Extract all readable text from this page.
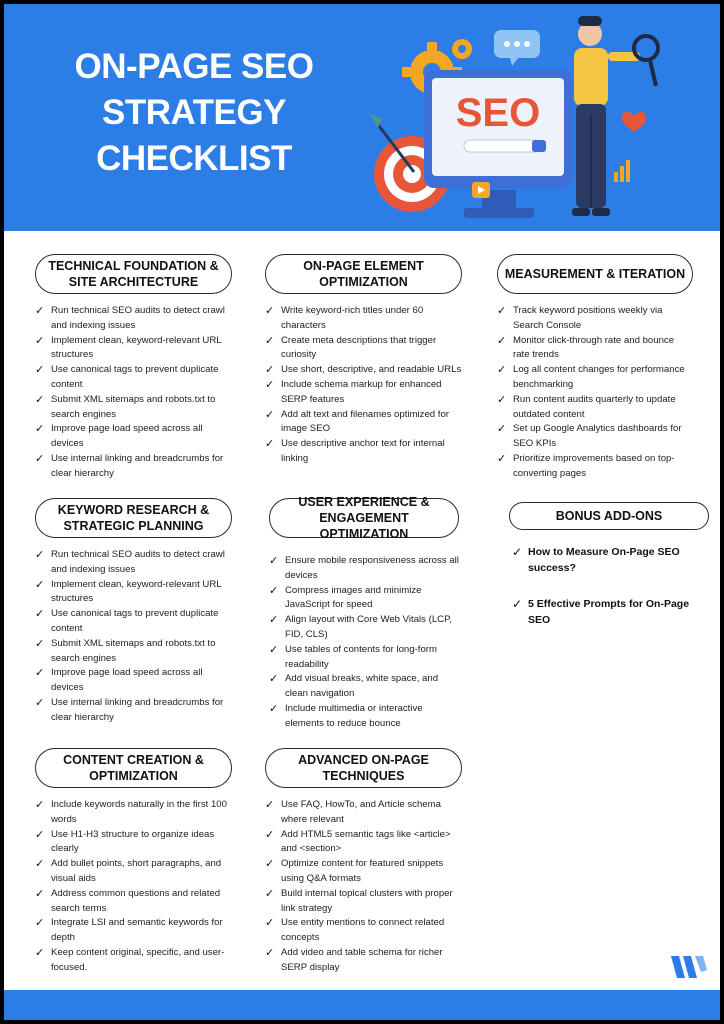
ON-PAGE SEO
STRATEGY
CHECKLIST
SEO
TECHNICAL FOUNDATION & SITE ARCHITECTURE
✓ Run technical SEO audits to detect crawl and indexing issues
✓ Implement clean, keyword-relevant URL structures
✓ Use canonical tags to prevent duplicate content
✓ Submit XML sitemaps and robots.txt to search engines
✓ Improve page load speed across all devices
✓ Use internal linking and breadcrumbs for clear hierarchy
ON-PAGE ELEMENT OPTIMIZATION
✓ Write keyword-rich titles under 60 characters
✓ Create meta descriptions that trigger curiosity
✓ Use short, descriptive, and readable URLs
✓ Include schema markup for enhanced SERP features
✓ Add alt text and filenames optimized for image SEO
✓ Use descriptive anchor text for internal linking
MEASUREMENT & ITERATION
✓ Track keyword positions weekly via Search Console
✓ Monitor click-through rate and bounce rate trends
✓ Log all content changes for performance benchmarking
✓ Run content audits quarterly to update outdated content
✓ Set up Google Analytics dashboards for SEO KPIs
✓ Prioritize improvements based on top-converting pages
KEYWORD RESEARCH & STRATEGIC PLANNING
✓ Run technical SEO audits to detect crawl and indexing issues
✓ Implement clean, keyword-relevant URL structures
✓ Use canonical tags to prevent duplicate content
✓ Submit XML sitemaps and robots.txt to search engines
✓ Improve page load speed across all devices
✓ Use internal linking and breadcrumbs for clear hierarchy
USER EXPERIENCE & ENGAGEMENT OPTIMIZATION
✓ Ensure mobile responsiveness across all devices
✓ Compress images and minimize JavaScript for speed
✓ Align layout with Core Web Vitals (LCP, FID, CLS)
✓ Use tables of contents for long-form readability
✓ Add visual breaks, white space, and clean navigation
✓ Include multimedia or interactive elements to reduce bounce
BONUS ADD-ONS
✓ How to Measure On-Page SEO success?
✓ 5 Effective Prompts for On-Page SEO
CONTENT CREATION & OPTIMIZATION
✓ Include keywords naturally in the first 100 words
✓ Use H1-H3 structure to organize ideas clearly
✓ Add bullet points, short paragraphs, and visual aids
✓ Address common questions and related search terms
✓ Integrate LSI and semantic keywords for depth
✓ Keep content original, specific, and user-focused.
ADVANCED ON-PAGE TECHNIQUES
✓ Use FAQ, HowTo, and Article schema where relevant
✓ Add HTML5 semantic tags like <article> and <section>
✓ Optimize content for featured snippets using Q&A formats
✓ Build internal topical clusters with proper link strategy
✓ Use entity mentions to connect related concepts
✓ Add video and table schema for richer SERP display
